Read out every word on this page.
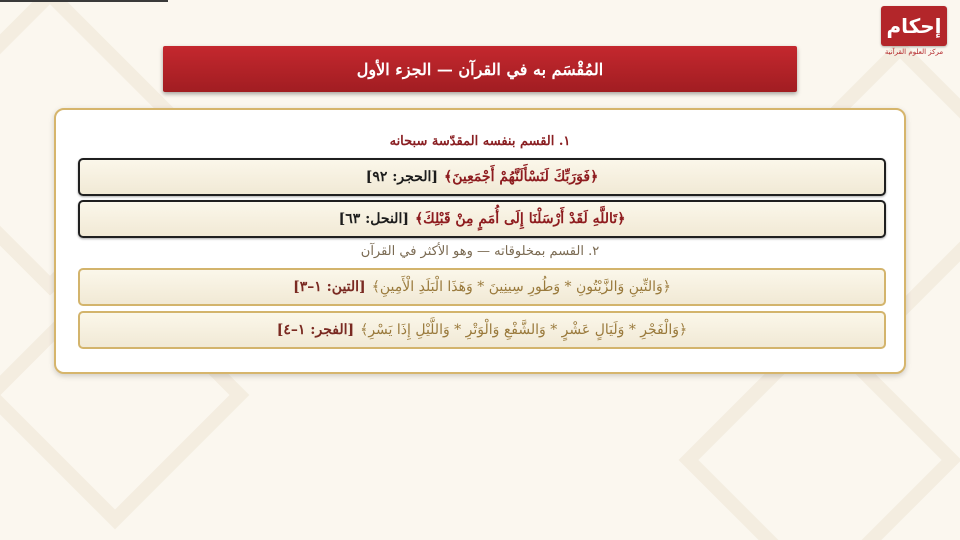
إحكام
مركز العلوم القرآنية
المُقْسَم به في القرآن — الجزء الأول
١. القسم بنفسه المقدّسة سبحانه
﴿فَوَرَبِّكَ لَنَسْأَلَنَّهُمْ أَجْمَعِينَ﴾
[الحجر: ٩٢]
﴿تَاللَّهِ لَقَدْ أَرْسَلْنَا إِلَى أُمَمٍ مِنْ قَبْلِكَ﴾
[النحل: ٦٣]
٢. القسم بمخلوقاته — وهو الأكثر في القرآن
﴿وَالتِّينِ وَالزَّيْتُونِ * وَطُورِ سِينِينَ * وَهَذَا الْبَلَدِ الْأَمِينِ﴾
[التين: ١–٣]
﴿وَالْفَجْرِ * وَلَيَالٍ عَشْرٍ * وَالشَّفْعِ وَالْوَتْرِ * وَاللَّيْلِ إِذَا يَسْرِ﴾
[الفجر: ١–٤]
